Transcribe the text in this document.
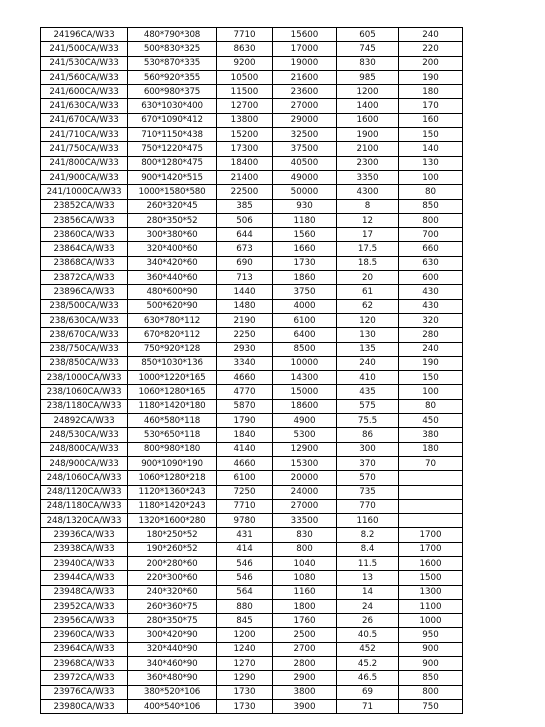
24196CA/W33	480*790*308	7710	15600	605	240
241/500CA/W33	500*830*325	8630	17000	745	220
241/530CA/W33	530*870*335	9200	19000	830	200
241/560CA/W33	560*920*355	10500	21600	985	190
241/600CA/W33	600*980*375	11500	23600	1200	180
241/630CA/W33	630*1030*400	12700	27000	1400	170
241/670CA/W33	670*1090*412	13800	29000	1600	160
241/710CA/W33	710*1150*438	15200	32500	1900	150
241/750CA/W33	750*1220*475	17300	37500	2100	140
241/800CA/W33	800*1280*475	18400	40500	2300	130
241/900CA/W33	900*1420*515	21400	49000	3350	100
241/1000CA/W33	1000*1580*580	22500	50000	4300	80
23852CA/W33	260*320*45	385	930	8	850
23856CA/W33	280*350*52	506	1180	12	800
23860CA/W33	300*380*60	644	1560	17	700
23864CA/W33	320*400*60	673	1660	17.5	660
23868CA/W33	340*420*60	690	1730	18.5	630
23872CA/W33	360*440*60	713	1860	20	600
23896CA/W33	480*600*90	1440	3750	61	430
238/500CA/W33	500*620*90	1480	4000	62	430
238/630CA/W33	630*780*112	2190	6100	120	320
238/670CA/W33	670*820*112	2250	6400	130	280
238/750CA/W33	750*920*128	2930	8500	135	240
238/850CA/W33	850*1030*136	3340	10000	240	190
238/1000CA/W33	1000*1220*165	4660	14300	410	150
238/1060CA/W33	1060*1280*165	4770	15000	435	100
238/1180CA/W33	1180*1420*180	5870	18600	575	80
24892CA/W33	460*580*118	1790	4900	75.5	450
248/530CA/W33	530*650*118	1840	5300	86	380
248/800CA/W33	800*980*180	4140	12900	300	180
248/900CA/W33	900*1090*190	4660	15300	370	70
248/1060CA/W33	1060*1280*218	6100	20000	570	
248/1120CA/W33	1120*1360*243	7250	24000	735	
248/1180CA/W33	1180*1420*243	7710	27000	770	
248/1320CA/W33	1320*1600*280	9780	33500	1160	
23936CA/W33	180*250*52	431	830	8.2	1700
23938CA/W33	190*260*52	414	800	8.4	1700
23940CA/W33	200*280*60	546	1040	11.5	1600
23944CA/W33	220*300*60	546	1080	13	1500
23948CA/W33	240*320*60	564	1160	14	1300
23952CA/W33	260*360*75	880	1800	24	1100
23956CA/W33	280*350*75	845	1760	26	1000
23960CA/W33	300*420*90	1200	2500	40.5	950
23964CA/W33	320*440*90	1240	2700	452	900
23968CA/W33	340*460*90	1270	2800	45.2	900
23972CA/W33	360*480*90	1290	2900	46.5	850
23976CA/W33	380*520*106	1730	3800	69	800
23980CA/W33	400*540*106	1730	3900	71	750
